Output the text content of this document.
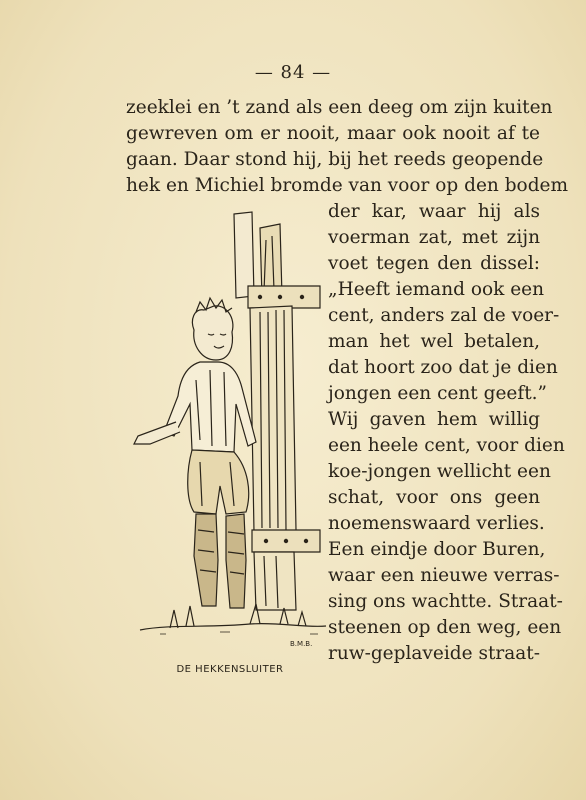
— 84 —
zeeklei en ’t zand als een deeg om zijn kuiten
gewreven om er nooit, maar ook nooit af te
gaan. Daar stond hij, bij het reeds geopende
hek en Michiel bromde van voor op den bodem
der kar, waar hij als
voerman zat, met zijn
voet tegen den dissel:
„Heeft iemand ook een
cent, anders zal de voer-
man het wel betalen,
dat hoort zoo dat je dien
jongen een cent geeft.”
Wij gaven hem willig
een heele cent, voor dien
koe-jongen wellicht een
schat, voor ons geen
noemenswaard verlies.
Een eindje door Buren,
waar een nieuwe verras-
sing ons wachtte. Straat-
steenen op den weg, een
ruw-geplaveide straat-
B.M.B.
DE HEKKENSLUITER
